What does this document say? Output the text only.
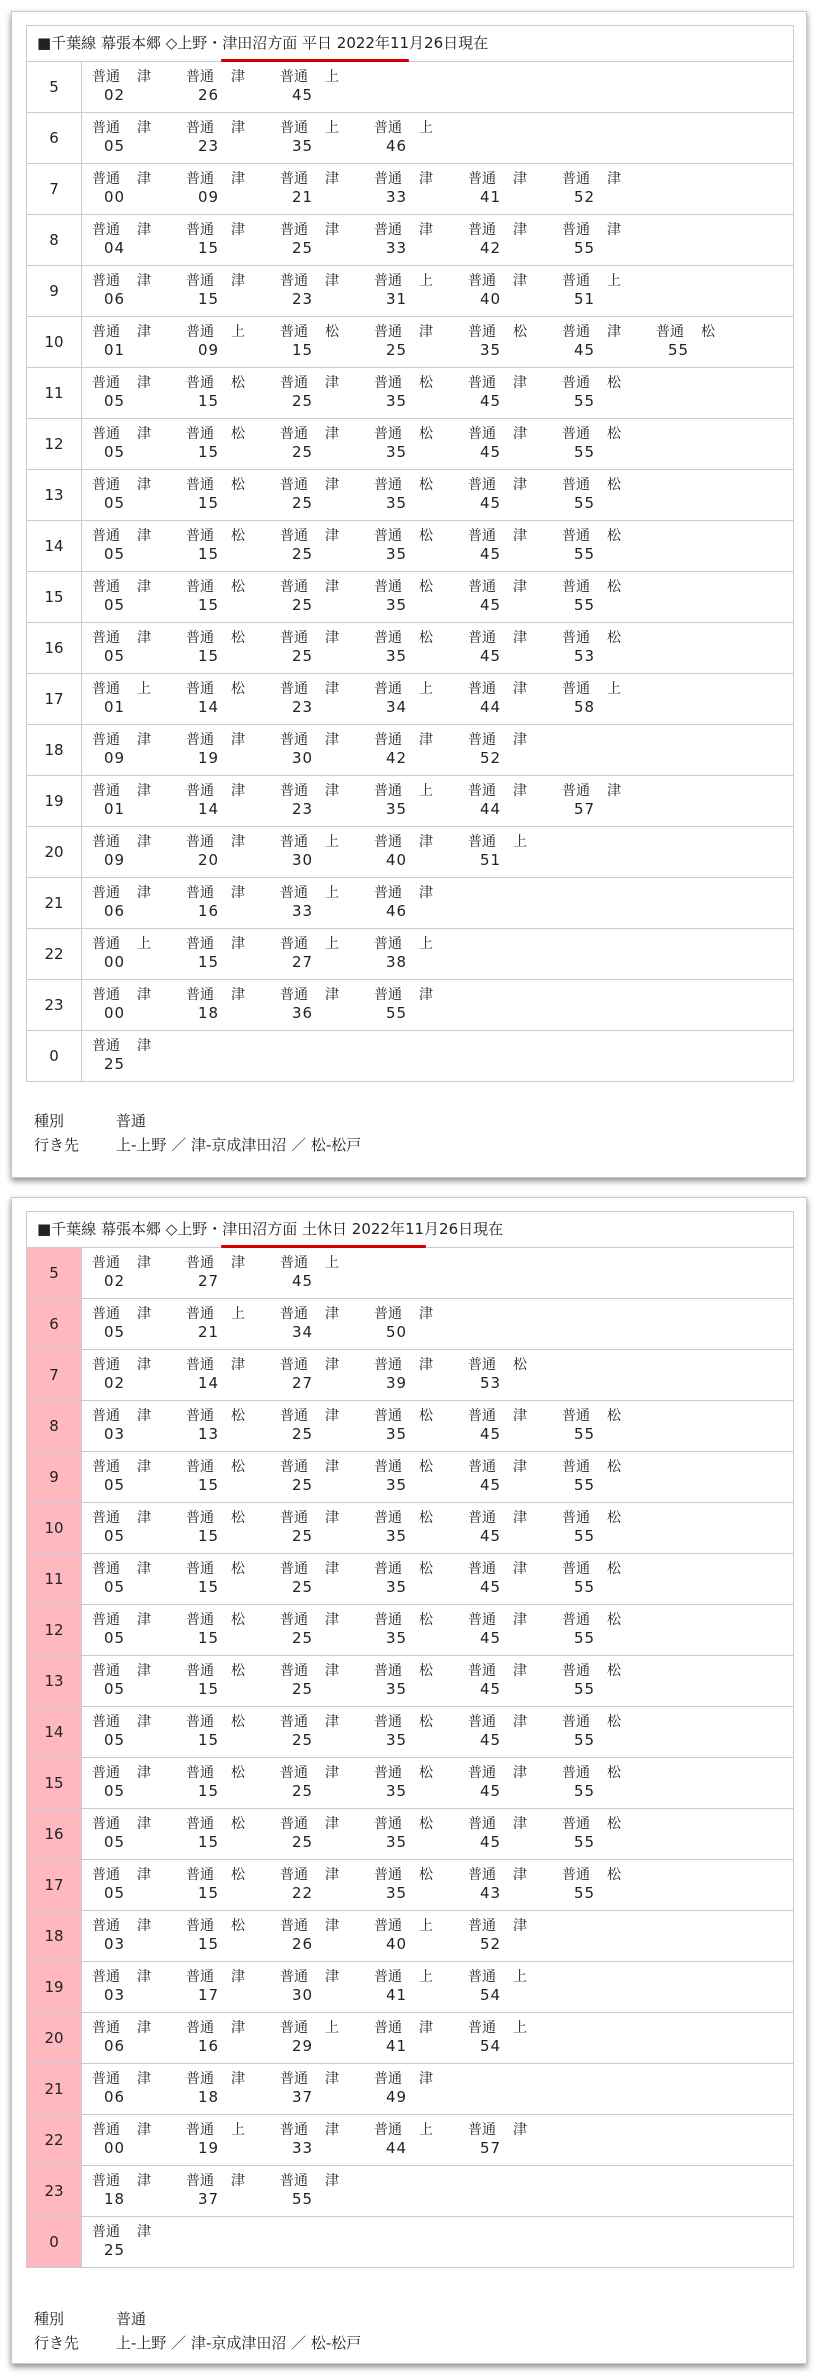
■千葉線 幕張本郷 ◇上野・津田沼方面 平日 2022年11月26日現在
5
普通 津
02
普通 津
26
普通 上
45
6
普通 津
05
普通 津
23
普通 上
35
普通 上
46
7
普通 津
00
普通 津
09
普通 津
21
普通 津
33
普通 津
41
普通 津
52
8
普通 津
04
普通 津
15
普通 津
25
普通 津
33
普通 津
42
普通 津
55
9
普通 津
06
普通 津
15
普通 津
23
普通 上
31
普通 津
40
普通 上
51
10
普通 津
01
普通 上
09
普通 松
15
普通 津
25
普通 松
35
普通 津
45
普通 松
55
11
普通 津
05
普通 松
15
普通 津
25
普通 松
35
普通 津
45
普通 松
55
12
普通 津
05
普通 松
15
普通 津
25
普通 松
35
普通 津
45
普通 松
55
13
普通 津
05
普通 松
15
普通 津
25
普通 松
35
普通 津
45
普通 松
55
14
普通 津
05
普通 松
15
普通 津
25
普通 松
35
普通 津
45
普通 松
55
15
普通 津
05
普通 松
15
普通 津
25
普通 松
35
普通 津
45
普通 松
55
16
普通 津
05
普通 松
15
普通 津
25
普通 松
35
普通 津
45
普通 松
53
17
普通 上
01
普通 松
14
普通 津
23
普通 上
34
普通 津
44
普通 上
58
18
普通 津
09
普通 津
19
普通 津
30
普通 津
42
普通 津
52
19
普通 津
01
普通 津
14
普通 津
23
普通 上
35
普通 津
44
普通 津
57
20
普通 津
09
普通 津
20
普通 上
30
普通 津
40
普通 上
51
21
普通 津
06
普通 津
16
普通 上
33
普通 津
46
22
普通 上
00
普通 津
15
普通 上
27
普通 上
38
23
普通 津
00
普通 津
18
普通 津
36
普通 津
55
0
普通 津
25
種別	普通
行き先 上-上野 ／ 津-京成津田沼 ／ 松-松戸
■千葉線 幕張本郷 ◇上野・津田沼方面 土休日 2022年11月26日現在
5
普通 津
02
普通 津
27
普通 上
45
6
普通 津
05
普通 上
21
普通 津
34
普通 津
50
7
普通 津
02
普通 津
14
普通 津
27
普通 津
39
普通 松
53
8
普通 津
03
普通 松
13
普通 津
25
普通 松
35
普通 津
45
普通 松
55
9
普通 津
05
普通 松
15
普通 津
25
普通 松
35
普通 津
45
普通 松
55
10
普通 津
05
普通 松
15
普通 津
25
普通 松
35
普通 津
45
普通 松
55
11
普通 津
05
普通 松
15
普通 津
25
普通 松
35
普通 津
45
普通 松
55
12
普通 津
05
普通 松
15
普通 津
25
普通 松
35
普通 津
45
普通 松
55
13
普通 津
05
普通 松
15
普通 津
25
普通 松
35
普通 津
45
普通 松
55
14
普通 津
05
普通 松
15
普通 津
25
普通 松
35
普通 津
45
普通 松
55
15
普通 津
05
普通 松
15
普通 津
25
普通 松
35
普通 津
45
普通 松
55
16
普通 津
05
普通 松
15
普通 津
25
普通 松
35
普通 津
45
普通 松
55
17
普通 津
05
普通 松
15
普通 津
22
普通 松
35
普通 津
43
普通 松
55
18
普通 津
03
普通 松
15
普通 津
26
普通 上
40
普通 津
52
19
普通 津
03
普通 津
17
普通 津
30
普通 上
41
普通 上
54
20
普通 津
06
普通 津
16
普通 上
29
普通 津
41
普通 上
54
21
普通 津
06
普通 津
18
普通 津
37
普通 津
49
22
普通 津
00
普通 上
19
普通 津
33
普通 上
44
普通 津
57
23
普通 津
18
普通 津
37
普通 津
55
0
普通 津
25
種別	普通
行き先 上-上野 ／ 津-京成津田沼 ／ 松-松戸
